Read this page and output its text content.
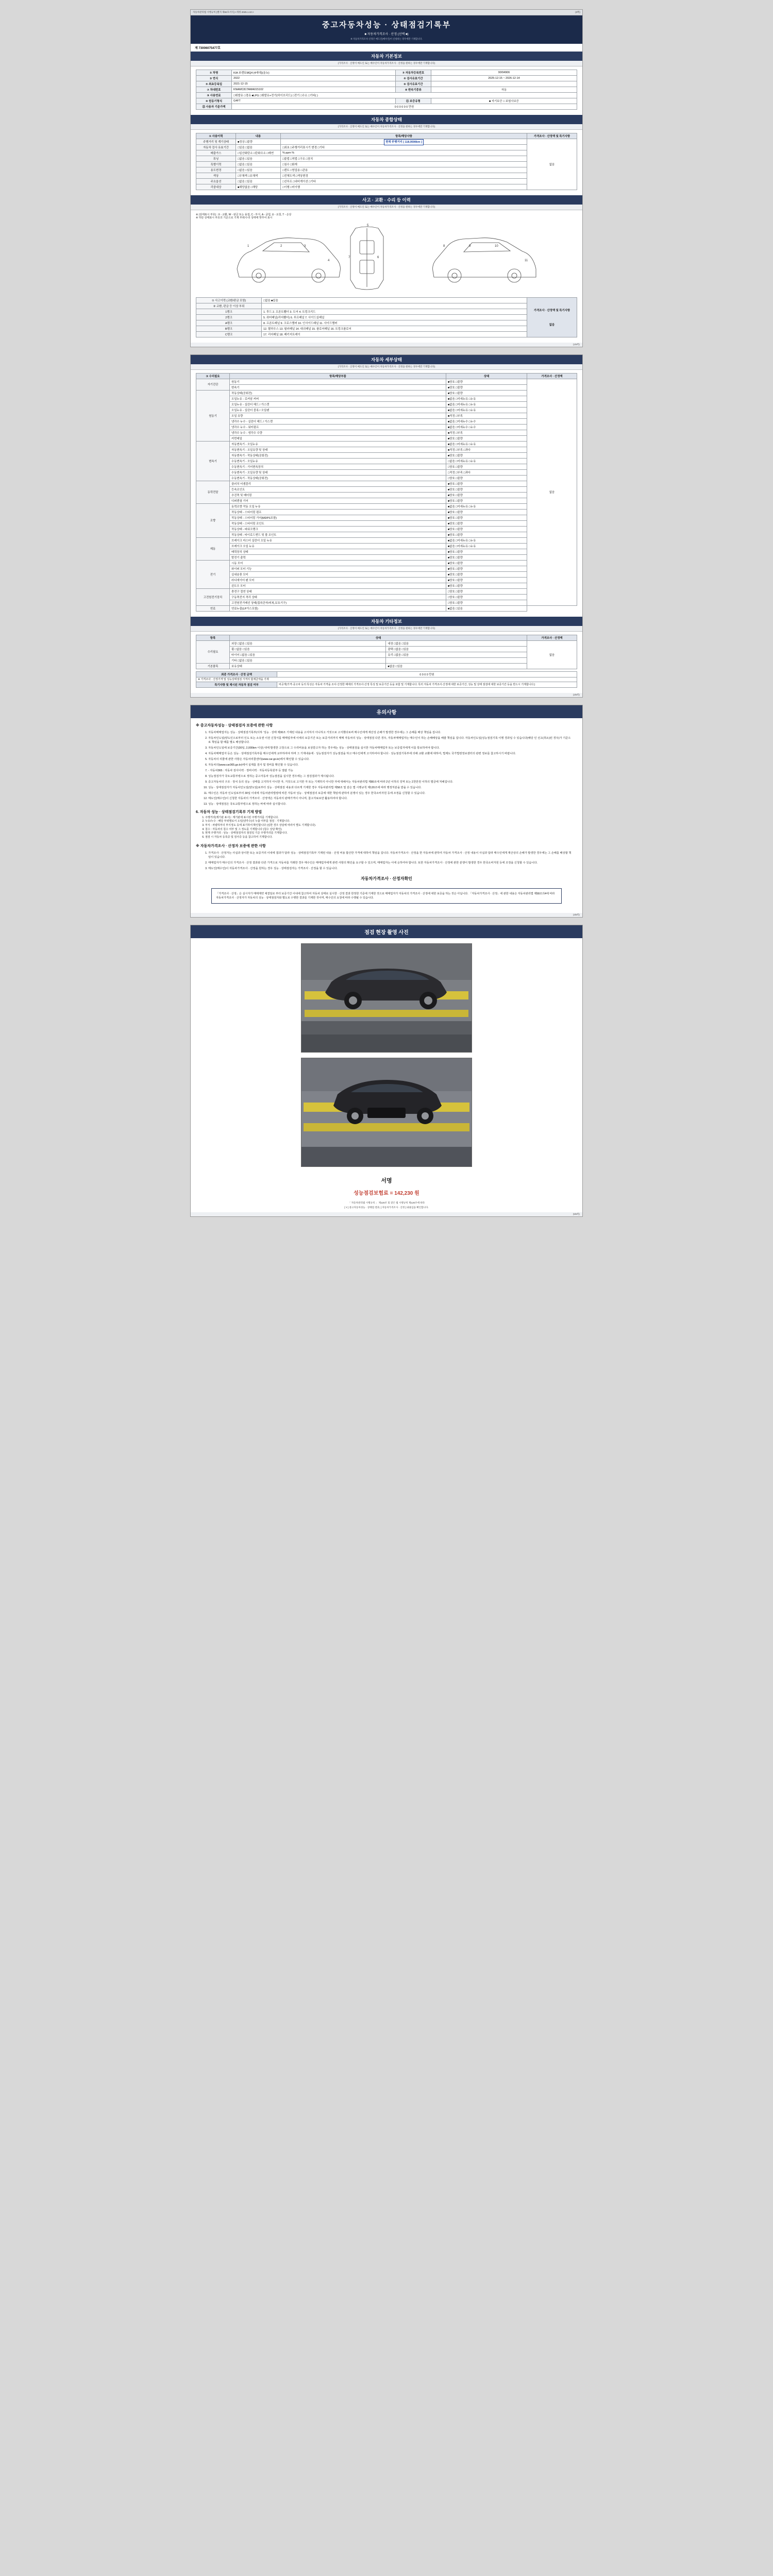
자동차관리법 시행규칙 [별지 제82호서식] <개정 2025.1.10.>	(3쪽)
중고자동차성능 · 상태점검기록부
■ 자동차가격조사 · 산정 (선택 ■)
※ 자동차가격조사·산정은 매도인(매수인)이 신청하는 경우에만 기재합니다.
제 73006075477호
자동차 기본정보
(가격조사 · 산정이 매도인 또는 매수인이 자동차가격조사 · 산정을 원하는 경우에만 기재합니다)
① 차명	KIA 쏘렌토MQ4 (4세대)(올뉴)	② 자동차등록번호	90/94906
③ 연식	2022	④ 검사유효기간	2025-12-15 ~ 2026-12-14
⑤ 최초등록일	2021-12-15	⑥ 검사유효기간	
⑦ 차대번호	KNAMC81TAMA015102	⑧ 변속기종류	자동
⑨ 사용연료	□휘발유 □경유 ■LPG □휘발유+전기(하이브리드) □전기 □수소 □기타( )		
⑩ 원동기형식	G4FT	⑪ 보증유형	■ 자기보증 □ 보험사보증
⑫ 사용자 기준가액	0 0 0 0 0 0 만원		
자동차 종합상태
(가격조사 · 산정이 매도인 또는 매수인이 자동차가격조사 · 산정을 원하는 경우에만 기재합니다)
① 사용이력	내용	항목/해당사항	가격조사 · 산정액 및 특기사항
주행거리 및 계기상태	■정상 □불량	현재 주행거리 [ 118,9596km ]	없음
자동차 검사 유효기간	□있음 □없음	□최초 □주행거리표시기 변경 □기타	
배출가스	□일산화탄소 □탄화수소 □매연	% ppm %	
튜닝	□없음 □있음	□불법 □적법 □구조 □장치	
특별이력	□없음 □있음	□침수 □화재	
용도변경	□없음 □있음	□렌트 □영업용 □관용	
색상	□무채색 □유채색	□전체도색 □색상변경	
주요옵션	□없음 □있음	□선루프 □내비게이션 □기타	
리콜대상	■해당없음 □해당	□이행 □미이행	
사고 · 교환 · 수리 등 이력
(가격조사 · 산정이 매도인 또는 매수인이 자동차가격조사 · 산정을 원하는 경우에만 기재합니다)
※ (상태표시 부호) : X - 교환, W - 판금 또는 용접, C - 부식, A - 긁힘, U - 요철, T - 손상
※ 하단 상태표시 부호의 기준으로 기재 부위/수리 상태에 맞추어 표시
1	2	3
4
5
6
7
8	9	10
11
① 사고이력 (교환/판금 포함)	□없음 ■있음	가격조사 · 산정액 및 특기사항
없음

② 교환, 판금 등 이상 부위		
1랭크	1. 후드 2. 프론트휀더 3. 도어 4. 트렁크리드	
2랭크	5. 쿼터패널(리어휀더) 6. 루프패널 7. 사이드실패널	
A랭크	8. 프론트패널 9. 크로스멤버 10. 인사이드패널 11. 사이드멤버	
B랭크	12. 휠하우스 13. 필러패널 14. 대쉬패널 15. 플로어패널 16. 트렁크플로어	
C랭크	17. 리어패널 18. 패키지트레이	
(1/5쪽)
자동차 세부상태
(가격조사 · 산정이 매도인 또는 매수인이 자동차가격조사 · 산정을 원하는 경우에만 기재합니다)
③ 수리필요	항목/해당부품	상태	가격조사 · 산정액
자기진단	원동기	■양호 □불량	없음
	변속기	■양호 □불량	
원동기	작동상태(공회전)	■양호 □불량	
	오일누유 - 로커암 커버	■없음 □미세누유 □누유	
	오일누유 - 실린더 헤드 / 가스켓	■없음 □미세누유 □누유	
	오일누유 - 실린더 블록 / 오일팬	■없음 □미세누유 □누유	
	오일 유량	■적정 □부족	
	냉각수 누수 - 실린더 헤드 / 가스켓	■없음 □미세누수 □누수	
	냉각수 누수 - 워터펌프	■없음 □미세누수 □누수	
	냉각수 누수 - 냉각수 수량	■적정 □부족	
	커먼레일	■양호 □불량	
변속기	자동변속기 - 오일누유	■없음 □미세누유 □누유	
	자동변속기 - 오일유량 및 상태	■적정 □부족 □과다	
	자동변속기 - 작동상태(공회전)	■양호 □불량	
	수동변속기 - 오일누유	□없음 □미세누유 □누유	
	수동변속기 - 기어변속장치	□양호 □불량	
	수동변속기 - 오일유량 및 상태	□적정 □부족 □과다	
	수동변속기 - 작동상태(공회전)	□양호 □불량	
동력전달	클러치 어셈블리	■양호 □불량	
	등속조인트	■양호 □불량	
	추진축 및 베어링	■양호 □불량	
	디퍼렌셜 기어	■양호 □불량	
조향	동력조향 작동 오일 누유	■없음 □미세누유 □누유	
	작동상태 - 스티어링 펌프	■양호 □불량	
	작동상태 - 스티어링 기어(MDPS포함)	■양호 □불량	
	작동상태 - 스티어링 조인트	■양호 □불량	
	작동상태 - 파워크랭크	■양호 □불량	
	작동상태 - 타이로드엔드 및 볼 조인트	■양호 □불량	
제동	브레이크 마스터 실린더 오일 누유	■없음 □미세누유 □누유	
	브레이크 오일 누유	■없음 □미세누유 □누유	
	배력장치 상태	■양호 □불량	
	발전기 출력	■양호 □불량	
전기	시동 모터	■양호 □불량	
	와이퍼 모터 기능	■양호 □불량	
	실내송풍 모터	■양호 □불량	
	라디에이터 팬 모터	■양호 □불량	
	윈도우 모터	■양호 □불량	
고전원전기장치	충전구 절연 상태	□양호 □불량	
	구동축전지 격리 상태	□양호 □불량	
	고전원전기배선 상태(접속단자/피복,보호기구)	□양호 □불량	
연료	연료누출(LP가스포함)	■없음 □있음	
자동차 기타정보
(가격조사 · 산정이 매도인 또는 매수인이 자동차가격조사 · 산정을 원하는 경우에만 기재합니다)
항목	상태		가격조사 · 산정액
수리필요	외장 □없음 □있음	내장 □없음 □있음	없음
	휠 □없음 □있음	광택 □없음 □있음	
	타이어 □없음 □있음	유리 □없음 □있음	
	기타 □없음 □있음		
기본품목	보유상태	■없음 □있음	
최종 가격조사 · 산정 금액	0 0 0 0 만원
※ 가격조사 · 산정가격 및 성능상태점검 가격의 합계금액을 기재	
특기사항 및 제시된 자동차 점검 여부	비공개(가격·중고차 등의 특성은 자동차 가격을 조사·산정한 때에의 가격조사·산정 특성 및 보증기간 등을 포함 및 기재합니다. 특히 자동차 가격조사·산정에 대한 보증기간, 성능 및 상태 점검에 대한 보증기간 등을 반드시 기재합니다.)
(2/5쪽)
유의사항
※ 중고자동차성능 · 상태점검자 보증에 관한 사항
1. 자동차매매업자는 성능 · 상태점검기록부(이하 '성능 · 상태 제30조 기재된 내용을 고지하지 아니하고 거짓으로 고지했다로써 매수인에게 재산상 손해가 발생한 경우에는 그 손해를 배상 책임을 집니다.
2. 자동차인도일(양도인으로부터 인도 또는 소유권 이전 신청서를 매매업자에 이에의 보증기간 또는 보증거리까지 매매 자동차의 성능 · 상태점검 다른 경우, 자동차매매업자는 매수인이 하는 손해배상을 해줄 책임을 집니다. 자동차인도일(성능점검기록 이행 경과일 수 있습니다(해당 인 선고(취소)된 경우)가 기준으로 책임을 할 때를 별도 배상합니다.
3. 자동차인도일에 보증기간(30일, 2,000km 이상) 내에 발생한 고장으로 그 수리비용을 보상받고자 하는 경우에는 성능 · 상태점검을 실시한 자동차매매업자 또는 보증업자에게 이를 통보하여야 합니다.
4. 자동차매매업자 등은 성능 · 상태점검기록부를 매수인에게 교부하여야 하며 그 기재내용에 · 성능점검자가 성능점검을 하고 매수인에게 고지하여야 합니다 · 성능점검기록부에 의해 교환 교환에 대하여, 법제도 국가법령정보센터의 관련 정보를 참고하시기 바랍니다.
5. 자동차의 리콜에 관한 사항은 자동차리콜센터(www.car.go.kr)에서 확인할 수 있습니다.
6. 자동차의(www.car365.go.kr)에서 실제를 검사 및 정비를 확인할 수 있습니다.
7. - 자동차365 : 자동차 검사이력 · 정비이력 · 자동차등록원부 등 열람 가능
8. 성능점검자가 국토교통부령으로 정하는 중고자동차 성능점검을 실시한 경우에는 그 점검결과가 제시됩니다.
9. 중고자동차의 구조 · 장치 등의 성능 · 상태를 고지하지 아니한 자, 거짓으로 고지한 자 또는 기재하지 아니한 자에 대해서는 자동차관리법 제80조에 따라 2년 이하의 징역 또는 2천만원 이하의 벌금에 처해집니다.
10. 성능 · 상태점검자가 자동차인도일(양도일)로부터 성능 · 상태점검 내용과 다르게 기재한 경우 자동차관리법 제58조 및 같은 법 시행규칙 제120조에 따라 행정처분을 받을 수 있습니다.
11. 매수인은 자동차 인도일로부터 30일 이내에 자동차관리법령에 따른 자동차 성능 · 상태점검의 보증에 대한 책임에 관하여 분쟁이 있는 경우 한국소비자원 등에 조정을 신청할 수 있습니다.
12. 매도인(매수인)이 신청한 자동차의 가격조사 · 산정액은 자동차의 판매가격이 아니며, 참고자료로만 활용하여야 합니다.
13. 성능 · 상태점검은 국토교통부령으로 정하는 바에 따라 실시합니다.
6. 자동차 성능 · 상태점검기록부 기재 방법
1. 주행거리(계기판 표시) : 계기판에 표시된 주행거리를 기재합니다.
2. 누유/누수 : 해당 부위별로서 오일(냉각수)의 누출 여부를 점검 · 기재합니다.
3. 부식 : 차량하부의 부식정도 등에 표기하여 확인합니다 (심한 경우 상담에 따라서 별도 기재합니다).
4. 침수 : 자동차의 침수 여부 및 그 정도를 기재합니다 (침수 상담 확인).
5. 현재 주행거리 : 성능 · 상태점검자의 점검일 기준 주행거리를 기재합니다.
6. 점검 시 자동차 등록증 및 검사증 등을 참고하여 기재합니다.
※ 자동차가격조사 · 산정자 보증에 관한 사항
1. 가격조사 · 산정자는 사실과 상이한 또는 보증거리 이내에 결과가 달라 성능 · 상태점검기록부 기재된 내용 · 산정 비용 합산한 가격에 대하여 책임을 집니다. 자동차가격조사 · 산정을 한 자동차에 관하여 자동차 가격조사 · 산정 내용이 사실과 달라 매수인에게 재산상의 손해가 발생한 경우에는 그 손해를 배상할 책임이 있습니다.
2. 매매업자가 매수인의 가격조사 · 산정 결과와 다른 가격으로 자동차를 거래한 경우 매수인은 매매업자에게 관련 사항의 확인을 요구할 수 있으며, 매매업자는 이에 응하여야 합니다. 또한 자동차가격조사 · 산정에 관한 분쟁이 발생한 경우 한국소비자원 등에 조정을 신청할 수 있습니다.
3. 매도인(매수인)이 자동차가격조사 · 산정을 원하는 경우 성능 · 상태점검자는 가격조사 · 산정을 할 수 있습니다.
자동차가격조사 · 산정자확인
「가격조사 · 산정」은 실시자가 매매계약 체결일로 부터 보증기간 이내에 참고하여 자동차 상태로 실시한 · 산정 결과 한정한 기준에 기재한 것으로 매매업자가 자동차의 가격조사 · 산정에 대한 보증을 하는 것은 아닙니다. 「자동차가격조사 · 산정」에 관한 내용은 자동차관리법 제58조의4에 따라 자동차가격조사 · 산정자가 자동차의 성능 · 상태점검자와 별도로 수행한 결과를 기재한 것이며, 매수인의 요청에 따라 수행될 수 있습니다.
(4/5쪽)
점검 현장 촬영 사진
서명
성능점검보험료 = 142,230 원
「 자동차관리법 시행규칙 」 제120조 및 같은 법 시행규칙 제120조에 따라
[ Y ] 중고자동차성능 · 상태점 결과, [ 자동차가격조사 · 산정 ] 내용입을 확인합니다.
(5/5쪽)
